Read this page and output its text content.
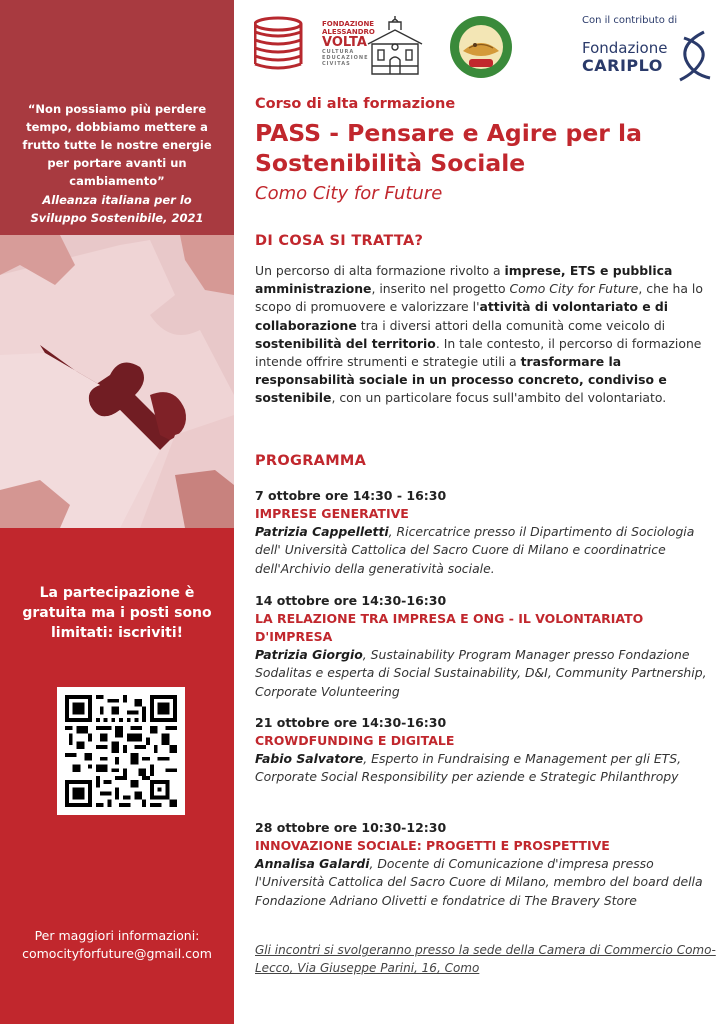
“Non possiamo più perdere tempo, dobbiamo mettere a frutto tutte le nostre energie per portare avanti un cambiamento”
Alleanza italiana per lo Sviluppo Sostenibile, 2021
La partecipazione è gratuita ma i posti sono limitati: iscriviti!
Per maggiori informazioni:
comocityforfuture@gmail.com
FONDAZIONE
ALESSANDRO
VOLTA
CULTURA
EDUCAZIONE
CIVITAS
Con il contributo di
Fondazione
CARIPLO
Corso di alta formazione
PASS - Pensare e Agire per la Sostenibilità Sociale
Como City for Future
DI COSA SI TRATTA?

Un percorso di alta formazione rivolto a imprese, ETS e pubblica amministrazione, inserito nel progetto Como City for Future, che ha lo scopo di promuovere e valorizzare l'attività di volontariato e di collaborazione tra i diversi attori della comunità come veicolo di sostenibilità del territorio. In tale contesto, il percorso di formazione intende offrire strumenti e strategie utili a trasformare la responsabilità sociale in un processo concreto, condiviso e sostenibile, con un particolare focus sull'ambito del volontariato.

PROGRAMMA
7 ottobre ore 14:30 - 16:30
IMPRESE GENERATIVE
Patrizia Cappelletti, Ricercatrice presso il Dipartimento di Sociologia dell' Università Cattolica del Sacro Cuore di Milano e coordinatrice dell'Archivio della generatività sociale.
14 ottobre ore 14:30-16:30
LA RELAZIONE TRA IMPRESA E ONG - IL VOLONTARIATO D'IMPRESA
Patrizia Giorgio, Sustainability Program Manager presso Fondazione Sodalitas e esperta di Social Sustainability, D&I, Community Partnership, Corporate Volunteering
21 ottobre ore 14:30-16:30
CROWDFUNDING E DIGITALE
Fabio Salvatore, Esperto in Fundraising e Management per gli ETS, Corporate Social Responsibility per aziende e Strategic Philanthropy
28 ottobre ore 10:30-12:30
INNOVAZIONE SOCIALE: PROGETTI E PROSPETTIVE
Annalisa Galardi, Docente di Comunicazione d'impresa presso l'Università Cattolica del Sacro Cuore di Milano, membro del board della Fondazione Adriano Olivetti e fondatrice di The Bravery Store
Gli incontri si svolgeranno presso la sede della Camera di Commercio Como-Lecco, Via Giuseppe Parini, 16, Como
